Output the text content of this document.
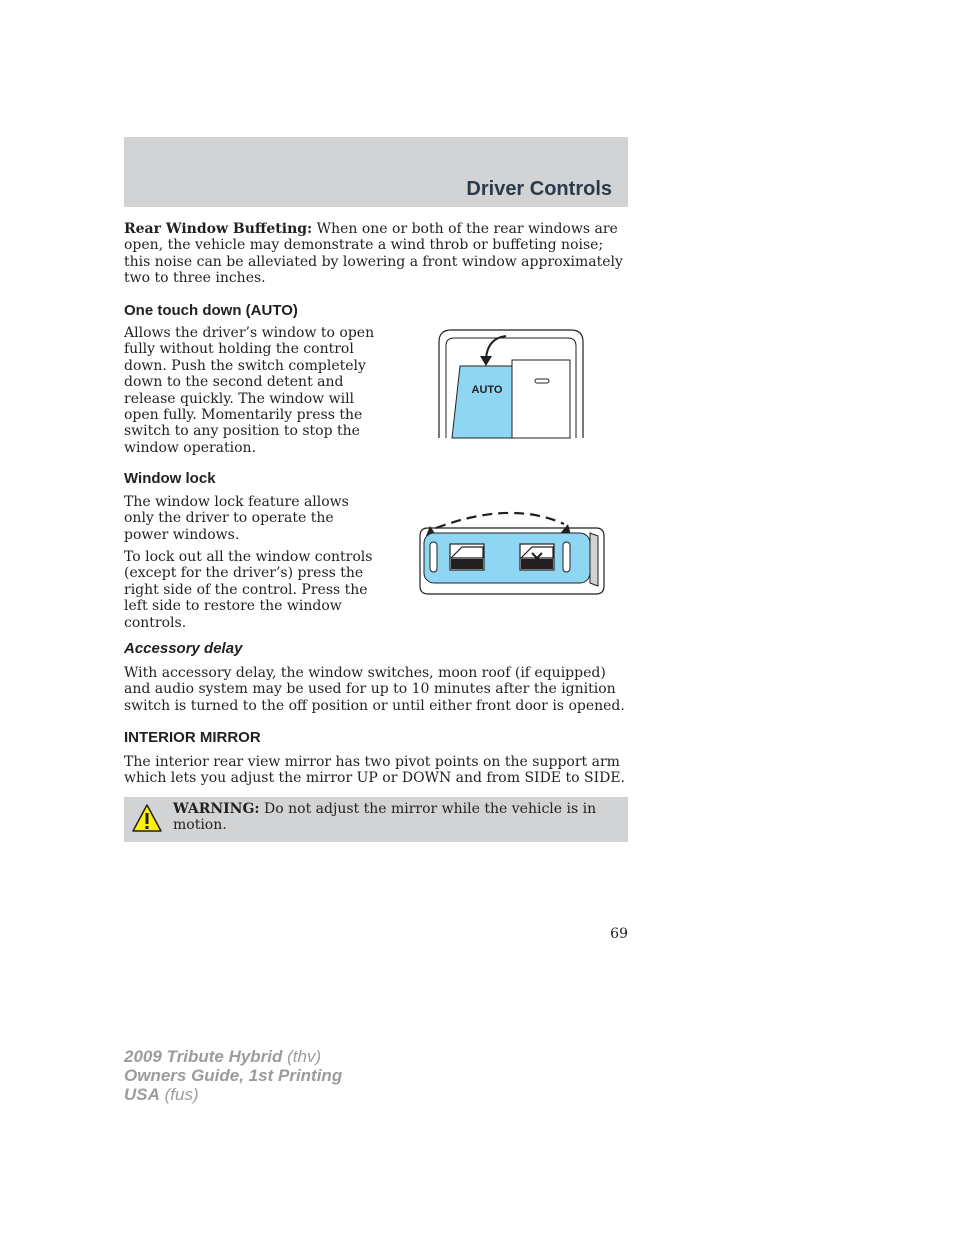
Driver Controls

Rear Window Buffeting: When one or both of the rear windows are open, the vehicle may demonstrate a wind throb or buffeting noise; this noise can be alleviated by lowering a front window approximately two to three inches.

One touch down (AUTO)

Allows the driver’s window to open fully without holding the control down. Push the switch completely down to the second detent and release quickly. The window will open fully. Momentarily press the switch to any position to stop the window operation.

AUTO
Window lock

The window lock feature allows only the driver to operate the power windows.

To lock out all the window controls (except for the driver’s) press the right side of the control. Press the left side to restore the window controls.

Accessory delay

With accessory delay, the window switches, moon roof (if equipped) and audio system may be used for up to 10 minutes after the ignition switch is turned to the off position or until either front door is opened.

INTERIOR MIRROR

The interior rear view mirror has two pivot points on the support arm which lets you adjust the mirror UP or DOWN and from SIDE to SIDE.

WARNING: Do not adjust the mirror while the vehicle is in motion.
69
2009 Tribute Hybrid (thv)
Owners Guide, 1st Printing
USA (fus)
